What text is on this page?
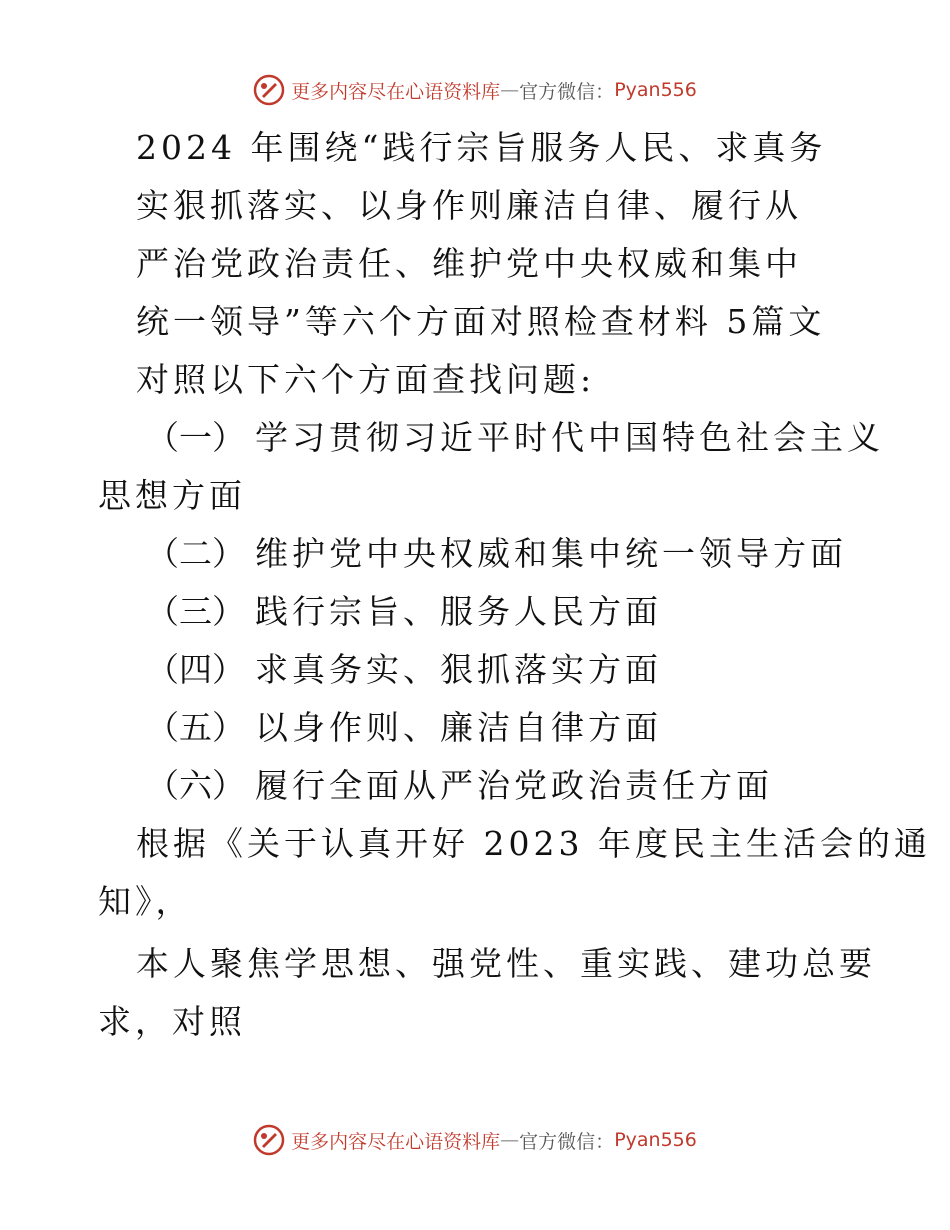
更多内容尽在心语资料库 — 官方微信： Pyan556
2024 年围绕“践行宗旨服务人民、求真务
实狠抓落实、以身作则廉洁自律、履行从
严治党政治责任、维护党中央权威和集中
统一领导”等六个方面对照检查材料 5篇文
对照以下六个方面查找问题:
（一） 学习贯彻习近平时代中国特色社会主义
思想方面
（二） 维护党中央权威和集中统一领导方面
（三） 践行宗旨、服务人民方面
（四） 求真务实、狠抓落实方面
（五） 以身作则、廉洁自律方面
（六） 履行全面从严治党政治责任方面
根据《关于认真开好 2023 年度民主生活会的通
知》，
本人聚焦学思想、强党性、重实践、建功总要
求，对照
更多内容尽在心语资料库 — 官方微信： Pyan556
